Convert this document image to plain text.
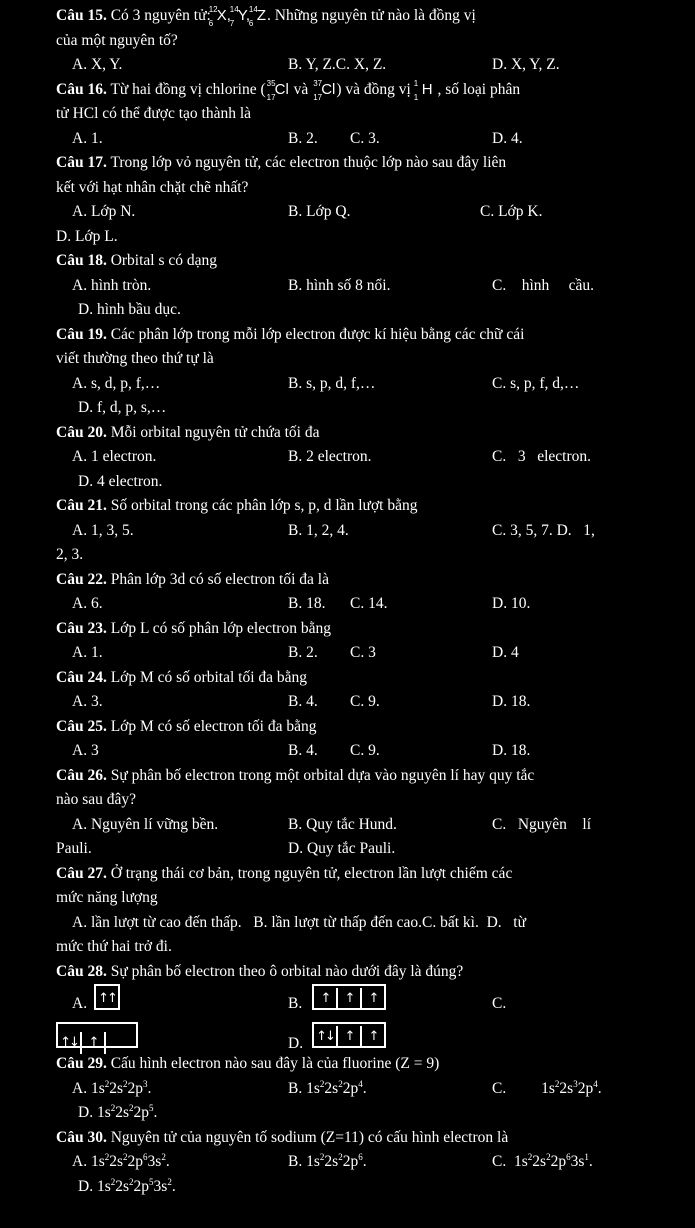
Câu 15. Có 3 nguyên tử:
12
6 X,
14
7 Y,
14
6 Z. Những nguyên tử nào là đồng vị
của một nguyên tố?
A. X, Y.	B. Y, Z.C. X, Z.	D. X, Y, Z.
Câu 16. Từ hai đồng vị chlorine ( 35
17 Cl và 37
17 Cl) và đồng vị 1
1 H , số loại phân
tử HCl có thể được tạo thành là
A. 1.	B. 2. C. 3.	D. 4.
Câu 17. Trong lớp vỏ nguyên tử, các electron thuộc lớp nào sau đây liên
kết với hạt nhân chặt chẽ nhất?
A. Lớp N.	B. Lớp Q.	C. Lớp K.
D. Lớp L.
Câu 18. Orbital s có dạng
A. hình tròn.	B. hình số 8 nổi.	C.    hình     cầu.
D. hình bầu dục.
Câu 19. Các phân lớp trong mỗi lớp electron được kí hiệu bằng các chữ cái
viết thường theo thứ tự là
A. s, d, p, f,…	B. s, p, d, f,…	C. s, p, f, d,…
D. f, d, p, s,…
Câu 20. Mỗi orbital nguyên tử chứa tối đa
A. 1 electron.	B. 2 electron.	C.   3   electron.
D. 4 electron.
Câu 21. Số orbital trong các phân lớp s, p, d lần lượt bằng
A. 1, 3, 5.	B. 1, 2, 4.	C. 3, 5, 7. D.   1,
2, 3.
Câu 22. Phân lớp 3d có số electron tối đa là
A. 6.	B. 18. C. 14.	D. 10.
Câu 23. Lớp L có số phân lớp electron bằng
A. 1.	B. 2. C. 3	D. 4
Câu 24. Lớp M có số orbital tối đa bằng
A. 3.	B. 4. C. 9.	D. 18.
Câu 25. Lớp M có số electron tối đa bằng
A. 3	B. 4. C. 9.	D. 18.
Câu 26. Sự phân bố electron trong một orbital dựa vào nguyên lí hay quy tắc
nào sau đây?
A. Nguyên lí vững bền.	B. Quy tắc Hund.	C.   Nguyên    lí
Pauli.	D. Quy tắc Pauli.
Câu 27. Ở trạng thái cơ bản, trong nguyên tử, electron lần lượt chiếm các
mức năng lượng
A. lần lượt từ cao đến thấp.   B. lần lượt từ thấp đến cao.C. bất kì.  D.   từ
mức thứ hai trở đi.
Câu 28. Sự phân bố electron theo ô orbital nào dưới đây là đúng?
A. ↑↑	B.	↑ ↑ ↑	C.
↑↓ ↑	D.	↑↓ ↑ ↑
Câu 29. Cấu hình electron nào sau đây là của fluorine (Z = 9)
A. $1s^22s^22p^3$.	B. $1s^22s^22p^4$.	C.         $1s^22s^32p^4$.
D. $1s^22s^22p^5$.
Câu 30. Nguyên tử của nguyên tố sodium (Z=11) có cấu hình electron là
A. $1s^22s^22p^63s^2$.	B. $1s^22s^22p^6$.	C.  $1s^22s^22p^63s^1$.
D. $1s^22s^22p^53s^2$.
